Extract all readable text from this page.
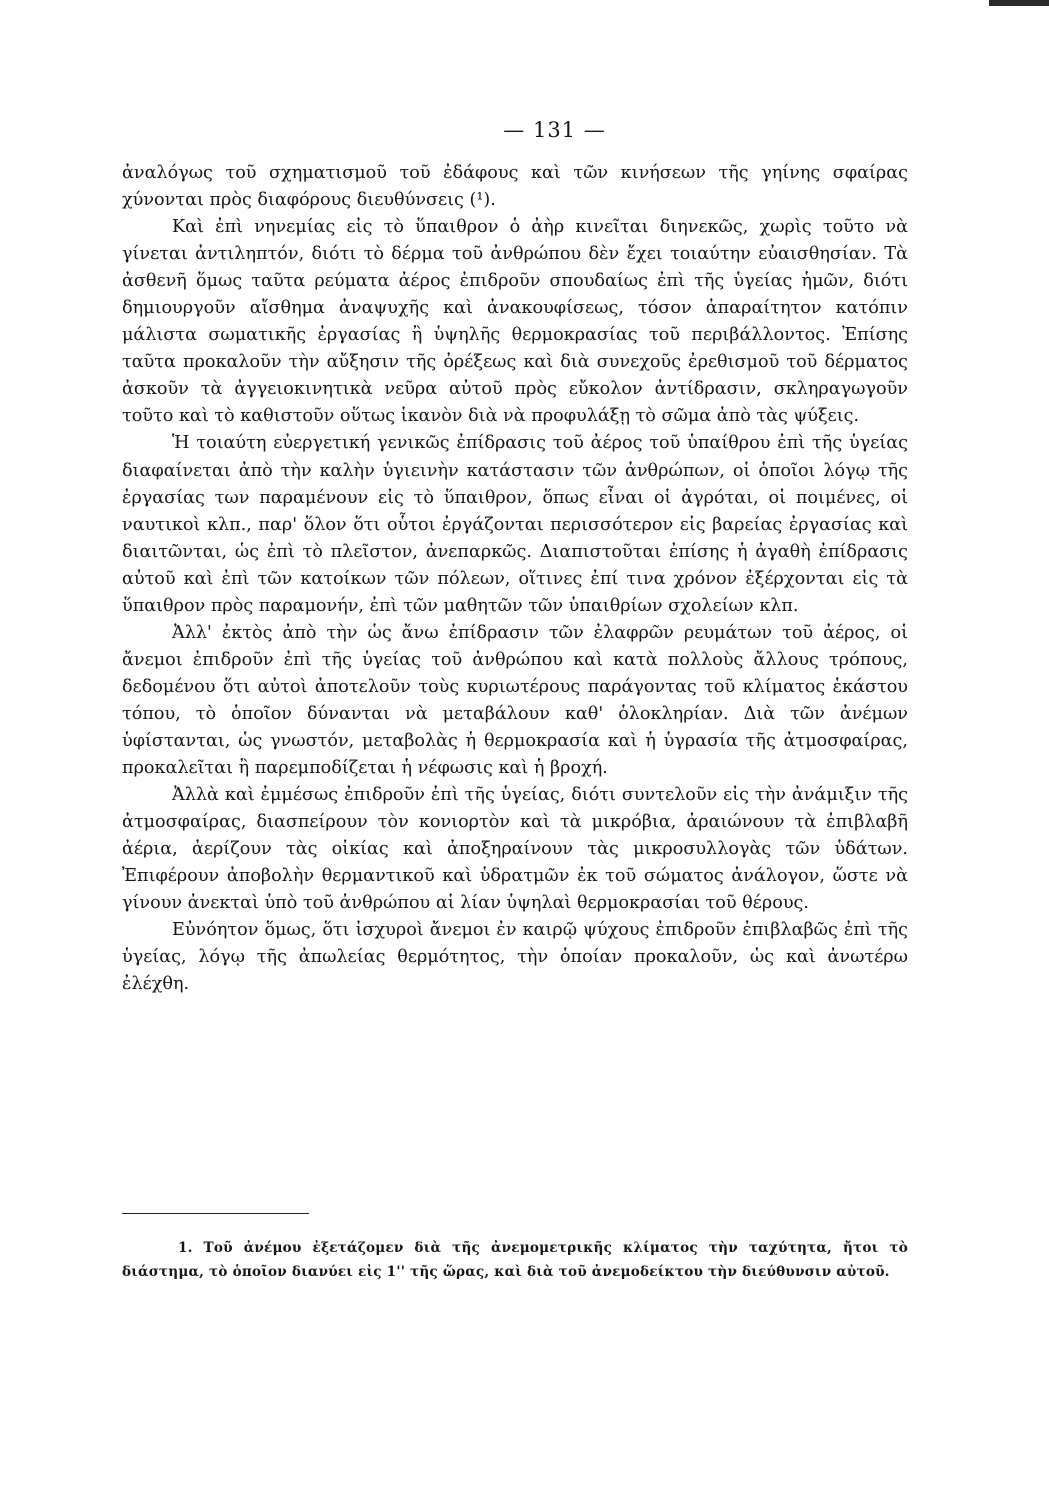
— 131 —

ἀναλόγως τοῦ σχηματισμοῦ τοῦ ἐδάφους καὶ τῶν κινήσεων τῆς γηίνης σφαίρας χύνονται πρὸς διαφόρους διευθύνσεις (¹).

Καὶ ἐπὶ νηνεμίας εἰς τὸ ὕπαιθρον ὁ ἀὴρ κινεῖται διηνεκῶς, χωρὶς τοῦτο νὰ γίνεται ἀντιληπτόν, διότι τὸ δέρμα τοῦ ἀνθρώπου δὲν ἔχει τοιαύτην εὐαισθησίαν. Τὰ ἀσθενῆ ὅμως ταῦτα ρεύματα ἀέρος ἐπιδροῦν σπουδαίως ἐπὶ τῆς ὑγείας ἡμῶν, διότι δημιουργοῦν αἴσθημα ἀναψυχῆς καὶ ἀνακουφίσεως, τόσον ἀπαραίτητον κατόπιν μάλιστα σωματικῆς ἐργασίας ἢ ὑψηλῆς θερμοκρασίας τοῦ περιβάλλοντος. Ἐπίσης ταῦτα προκαλοῦν τὴν αὔξησιν τῆς ὀρέξεως καὶ διὰ συνεχοῦς ἐρεθισμοῦ τοῦ δέρματος ἀσκοῦν τὰ ἀγγειοκινητικὰ νεῦρα αὐτοῦ πρὸς εὔκολον ἀντίδρασιν, σκληραγωγοῦν τοῦτο καὶ τὸ καθιστοῦν οὕτως ἱκανὸν διὰ νὰ προφυλάξῃ τὸ σῶμα ἀπὸ τὰς ψύξεις.

Ἡ τοιαύτη εὐεργετική γενικῶς ἐπίδρασις τοῦ ἀέρος τοῦ ὑπαίθρου ἐπὶ τῆς ὑγείας διαφαίνεται ἀπὸ τὴν καλὴν ὑγιεινὴν κατάστασιν τῶν ἀνθρώπων, οἱ ὁποῖοι λόγῳ τῆς ἐργασίας των παραμένουν εἰς τὸ ὕπαιθρον, ὅπως εἶναι οἱ ἀγρόται, οἱ ποιμένες, οἱ ναυτικοὶ κλπ., παρ' ὅλον ὅτι οὗτοι ἐργάζονται περισσότερον εἰς βαρείας ἐργασίας καὶ διαιτῶνται, ὡς ἐπὶ τὸ πλεῖστον, ἀνεπαρκῶς. Διαπιστοῦται ἐπίσης ἡ ἀγαθὴ ἐπίδρασις αὐτοῦ καὶ ἐπὶ τῶν κατοίκων τῶν πόλεων, οἵτινες ἐπί τινα χρόνον ἐξέρχονται εἰς τὰ ὕπαιθρον πρὸς παραμονήν, ἐπὶ τῶν μαθητῶν τῶν ὑπαιθρίων σχολείων κλπ.

Ἀλλ' ἐκτὸς ἀπὸ τὴν ὡς ἄνω ἐπίδρασιν τῶν ἐλαφρῶν ρευμάτων τοῦ ἀέρος, οἱ ἄνεμοι ἐπιδροῦν ἐπὶ τῆς ὑγείας τοῦ ἀνθρώπου καὶ κατὰ πολλοὺς ἄλλους τρόπους, δεδομένου ὅτι αὐτοὶ ἀποτελοῦν τοὺς κυριωτέρους παράγοντας τοῦ κλίματος ἑκάστου τόπου, τὸ ὁποῖον δύνανται νὰ μεταβάλουν καθ' ὁλοκληρίαν. Διὰ τῶν ἀνέμων ὑφίστανται, ὡς γνωστόν, μεταβολὰς ἡ θερμοκρασία καὶ ἡ ὑγρασία τῆς ἀτμοσφαίρας, προκαλεῖται ἢ παρεμποδίζεται ἡ νέφωσις καὶ ἡ βροχή.

Ἀλλὰ καὶ ἐμμέσως ἐπιδροῦν ἐπὶ τῆς ὑγείας, διότι συντελοῦν εἰς τὴν ἀνάμιξιν τῆς ἀτμοσφαίρας, διασπείρουν τὸν κονιορτὸν καὶ τὰ μικρόβια, ἀραιώνουν τὰ ἐπιβλαβῆ ἀέρια, ἀερίζουν τὰς οἰκίας καὶ ἀποξηραίνουν τὰς μικροσυλλογὰς τῶν ὑδάτων. Ἐπιφέρουν ἀποβολὴν θερμαντικοῦ καὶ ὑδρατμῶν ἐκ τοῦ σώματος ἀνάλογον, ὥστε νὰ γίνουν ἀνεκταὶ ὑπὸ τοῦ ἀνθρώπου αἱ λίαν ὑψηλαὶ θερμοκρασίαι τοῦ θέρους.

Εὐνόητον ὅμως, ὅτι ἰσχυροὶ ἄνεμοι ἐν καιρῷ ψύχους ἐπιδροῦν ἐπιβλαβῶς ἐπὶ τῆς ὑγείας, λόγῳ τῆς ἀπωλείας θερμότητος, τὴν ὁποίαν προκαλοῦν, ὡς καὶ ἀνωτέρω ἐλέχθη.

1. Τοῦ ἀνέμου ἐξετάζομεν διὰ τῆς ἀνεμομετρικῆς κλίματος τὴν ταχύτητα, ἤτοι τὸ διάστημα, τὸ ὁποῖον διανύει εἰς 1'' τῆς ὥρας, καὶ διὰ τοῦ ἀνεμοδείκτου τὴν διεύθυνσιν αὐτοῦ.
